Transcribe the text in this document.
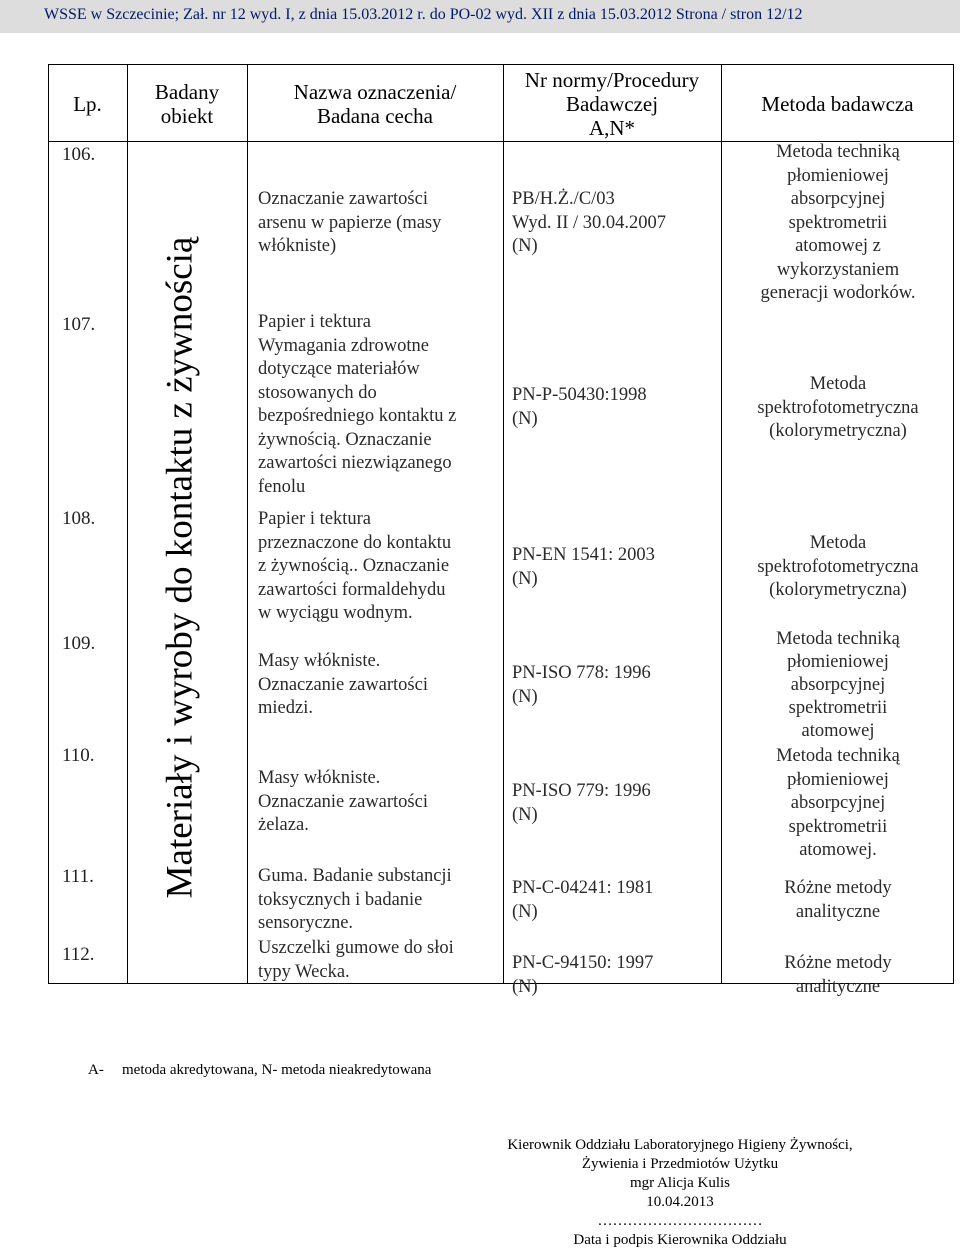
WSSE w Szczecinie; Zał. nr 12 wyd. I, z dnia 15.03.2012 r. do PO-02 wyd. XII z dnia 15.03.2012 Strona / stron 12/12
Lp.	Badany
obiekt
Nazwa oznaczenia/
Badana cecha
Nr normy/Procedury
Badawczej
A,N*
Metoda badawcza
Materiały i wyroby do kontaktu z żywnością
106.
107.
108.
109.
110.
111.
112.
Oznaczanie zawartości
arsenu w papierze (masy
włókniste)
Papier i tektura
Wymagania zdrowotne
dotyczące materiałów
stosowanych do
bezpośredniego kontaktu z
żywnością. Oznaczanie
zawartości niezwiązanego
fenolu
Papier i tektura
przeznaczone do kontaktu
z żywnością.. Oznaczanie
zawartości formaldehydu
w wyciągu wodnym.
Masy włókniste.
Oznaczanie zawartości
miedzi.
Masy włókniste.
Oznaczanie zawartości
żelaza.
Guma. Badanie substancji
toksycznych i badanie
sensoryczne.
Uszczelki gumowe do słoi
typy Wecka.
PB/H.Ż./C/03
Wyd. II / 30.04.2007
(N)
PN-P-50430:1998
(N)
PN-EN 1541: 2003
(N)
PN-ISO 778: 1996
(N)
PN-ISO 779: 1996
(N)
PN-C-04241: 1981
(N)
PN-C-94150: 1997
(N)
Metoda techniką
płomieniowej
absorpcyjnej
spektrometrii
atomowej z
wykorzystaniem
generacji wodorków.
Metoda
spektrofotometryczna
(kolorymetryczna)
Metoda
spektrofotometryczna
(kolorymetryczna)
Metoda techniką
płomieniowej
absorpcyjnej
spektrometrii
atomowej
Metoda techniką
płomieniowej
absorpcyjnej
spektrometrii
atomowej.
Różne metody
analityczne
Różne metody
analityczne
A- metoda akredytowana, N- metoda nieakredytowana
Kierownik Oddziału Laboratoryjnego Higieny Żywności,
Żywienia i Przedmiotów Użytku
mgr Alicja Kulis
10.04.2013
……………………………
Data i podpis Kierownika Oddziału
